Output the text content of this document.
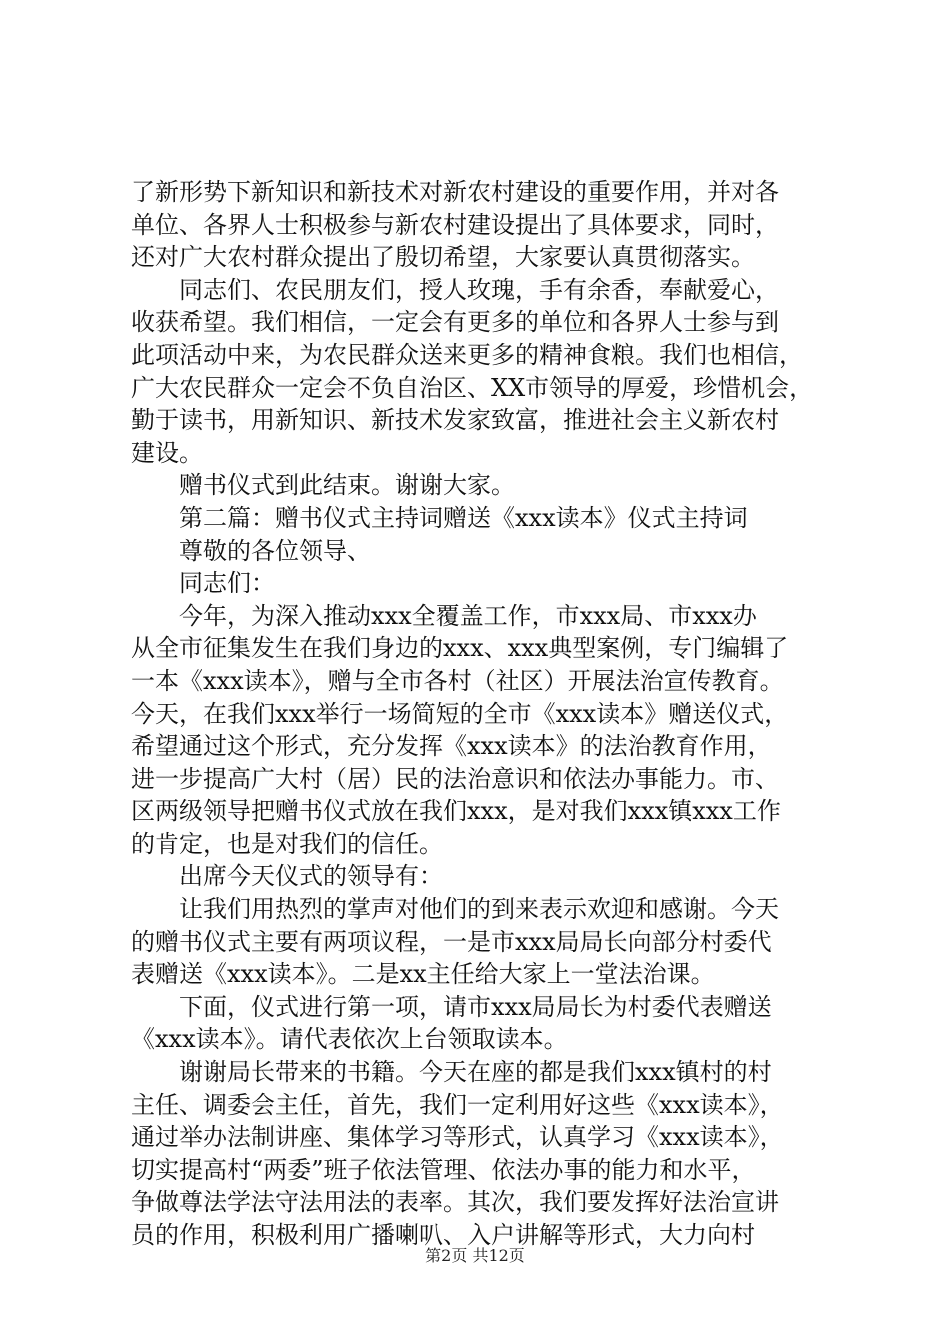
了新形势下新知识和新技术对新农村建设的重要作用，并对各

单位、各界人士积极参与新农村建设提出了具体要求，同时，

还对广大农村群众提出了殷切希望，大家要认真贯彻落实。

同志们、农民朋友们，授人玫瑰，手有余香，奉献爱心，

收获希望。我们相信，一定会有更多的单位和各界人士参与到

此项活动中来，为农民群众送来更多的精神食粮。我们也相信，

广大农民群众一定会不负自治区、XX市领导的厚爱，珍惜机会，

勤于读书，用新知识、新技术发家致富，推进社会主义新农村

建设。

赠书仪式到此结束。谢谢大家。

第二篇：赠书仪式主持词赠送《xxx读本》仪式主持词

尊敬的各位领导、

同志们：

今年，为深入推动xxx全覆盖工作，市xxx局、市xxx办

从全市征集发生在我们身边的xxx、xxx典型案例，专门编辑了

一本《xxx读本》，赠与全市各村（社区）开展法治宣传教育。

今天，在我们xxx举行一场简短的全市《xxx读本》赠送仪式，

希望通过这个形式，充分发挥《xxx读本》的法治教育作用，

进一步提高广大村（居）民的法治意识和依法办事能力。市、

区两级领导把赠书仪式放在我们xxx，是对我们xxx镇xxx工作

的肯定，也是对我们的信任。

出席今天仪式的领导有：

让我们用热烈的掌声对他们的到来表示欢迎和感谢。今天

的赠书仪式主要有两项议程，一是市xxx局局长向部分村委代

表赠送《xxx读本》。二是xx主任给大家上一堂法治课。

下面，仪式进行第一项，请市xxx局局长为村委代表赠送

《xxx读本》。请代表依次上台领取读本。

谢谢局长带来的书籍。今天在座的都是我们xxx镇村的村

主任、调委会主任，首先，我们一定利用好这些《xxx读本》，

通过举办法制讲座、集体学习等形式，认真学习《xxx读本》，

切实提高村“两委”班子依法管理、依法办事的能力和水平，

争做尊法学法守法用法的表率。其次，我们要发挥好法治宣讲

员的作用，积极利用广播喇叭、入户讲解等形式，大力向村

第2页 共12页
